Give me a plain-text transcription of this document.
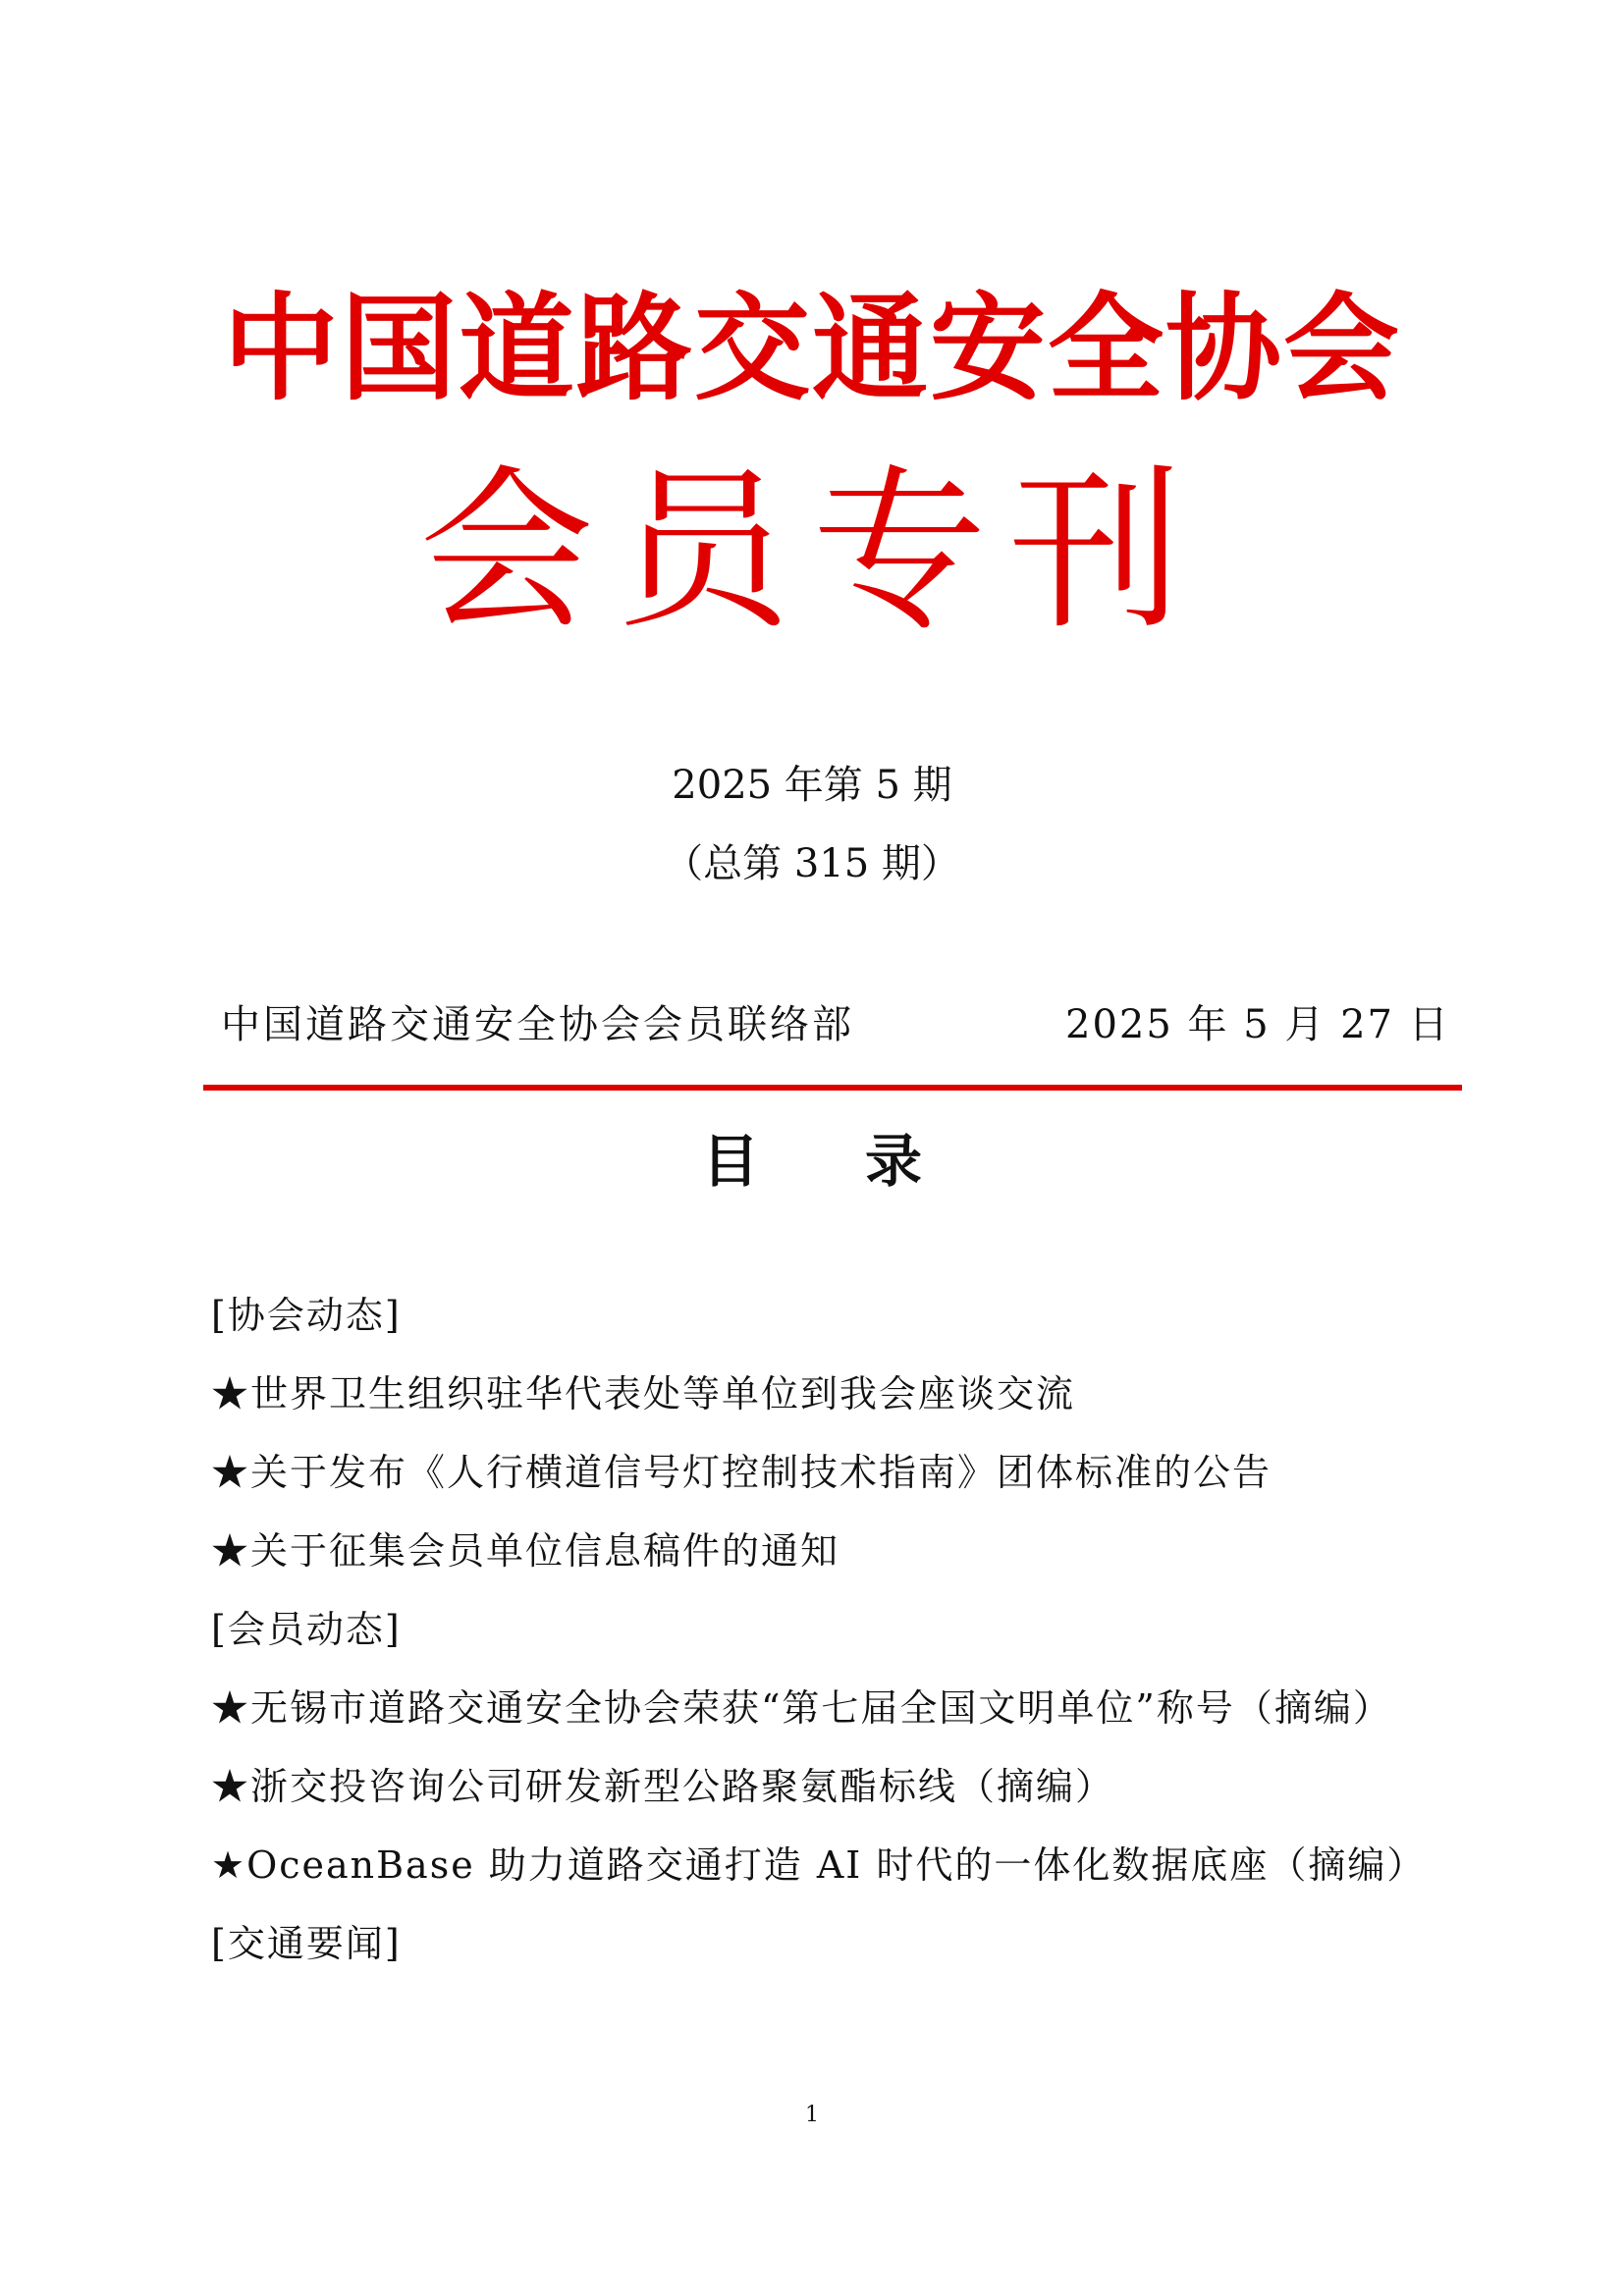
中国道路交通安全协会
会员专刊
2025 年第 5 期
（总第 315 期）
中国道路交通安全协会会员联络部	2025 年 5 月 27 日
目 录
[协会动态]
★世界卫生组织驻华代表处等单位到我会座谈交流
★关于发布《人行横道信号灯控制技术指南》团体标准的公告
★关于征集会员单位信息稿件的通知
[会员动态]
★无锡市道路交通安全协会荣获“第七届全国文明单位”称号（摘编）
★浙交投咨询公司研发新型公路聚氨酯标线（摘编）
★OceanBase 助力道路交通打造 AI 时代的一体化数据底座（摘编）
[交通要闻]
1
